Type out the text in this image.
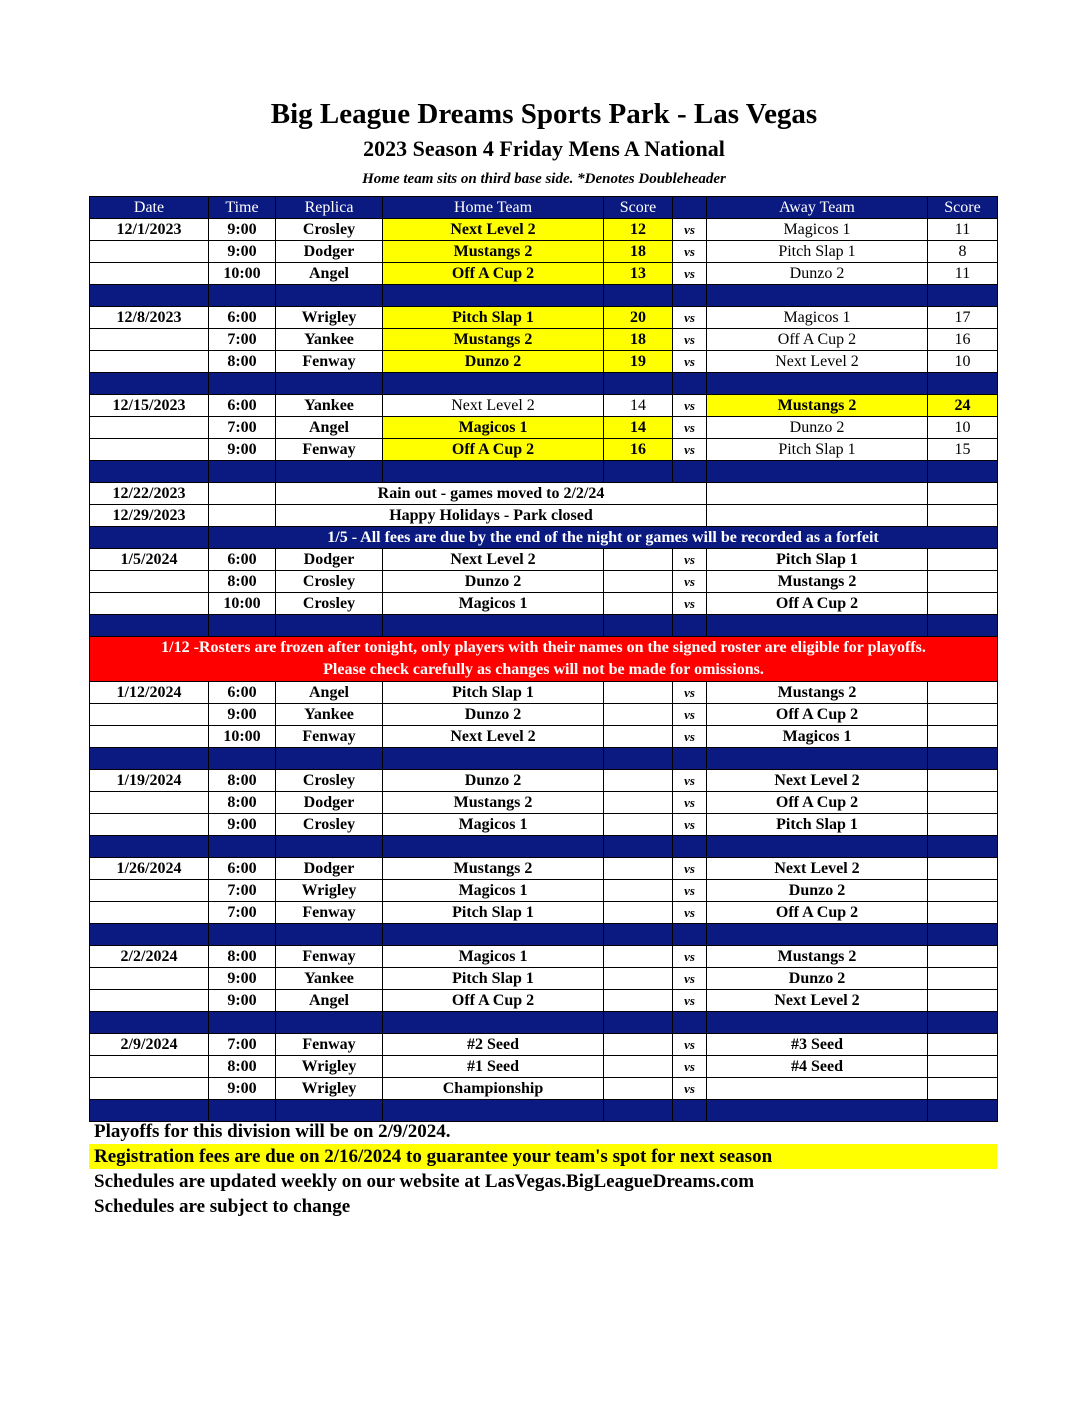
Big League Dreams Sports Park - Las Vegas
2023 Season 4 Friday Mens A National
Home team sits on third base side. *Denotes Doubleheader
Date	Time	Replica	Home Team	Score		Away Team	Score
12/1/2023	9:00	Crosley	Next Level 2	12	vs	Magicos 1	11
	9:00	Dodger	Mustangs 2	18	vs	Pitch Slap 1	8
	10:00	Angel	Off A Cup 2	13	vs	Dunzo 2	11

12/8/2023	6:00	Wrigley	Pitch Slap 1	20	vs	Magicos 1	17
	7:00	Yankee	Mustangs 2	18	vs	Off A Cup 2	16
	8:00	Fenway	Dunzo 2	19	vs	Next Level 2	10

12/15/2023	6:00	Yankee	Next Level 2	14	vs	Mustangs 2	24
	7:00	Angel	Magicos 1	14	vs	Dunzo 2	10
	9:00	Fenway	Off A Cup 2	16	vs	Pitch Slap 1	15

12/22/2023		Rain out - games moved to 2/2/24					
12/29/2023		Happy Holidays - Park closed					
	1/5 - All fees are due by the end of the night or games will be recorded as a forfeit						
1/5/2024	6:00	Dodger	Next Level 2		vs	Pitch Slap 1	
	8:00	Crosley	Dunzo 2		vs	Mustangs 2	
	10:00	Crosley	Magicos 1		vs	Off A Cup 2	

1/12 -Rosters are frozen after tonight, only players with their names on the signed roster are eligible for playoffs.
Please check carefully as changes will not be made for omissions.							

1/12/2024	6:00	Angel	Pitch Slap 1		vs	Mustangs 2	
	9:00	Yankee	Dunzo 2		vs	Off A Cup 2	
	10:00	Fenway	Next Level 2		vs	Magicos 1	

1/19/2024	8:00	Crosley	Dunzo 2		vs	Next Level 2	
	8:00	Dodger	Mustangs 2		vs	Off A Cup 2	
	9:00	Crosley	Magicos 1		vs	Pitch Slap 1	

1/26/2024	6:00	Dodger	Mustangs 2		vs	Next Level 2	
	7:00	Wrigley	Magicos 1		vs	Dunzo 2	
	7:00	Fenway	Pitch Slap 1		vs	Off A Cup 2	

2/2/2024	8:00	Fenway	Magicos 1		vs	Mustangs 2	
	9:00	Yankee	Pitch Slap 1		vs	Dunzo 2	
	9:00	Angel	Off A Cup 2		vs	Next Level 2	

2/9/2024	7:00	Fenway	#2 Seed		vs	#3 Seed	
	8:00	Wrigley	#1 Seed		vs	#4 Seed	
	9:00	Wrigley	Championship		vs		

Playoffs for this division will be on 2/9/2024.
Registration fees are due on 2/16/2024 to guarantee your team's spot for next season
Schedules are updated weekly on our website at LasVegas.BigLeagueDreams.com
Schedules are subject to change
